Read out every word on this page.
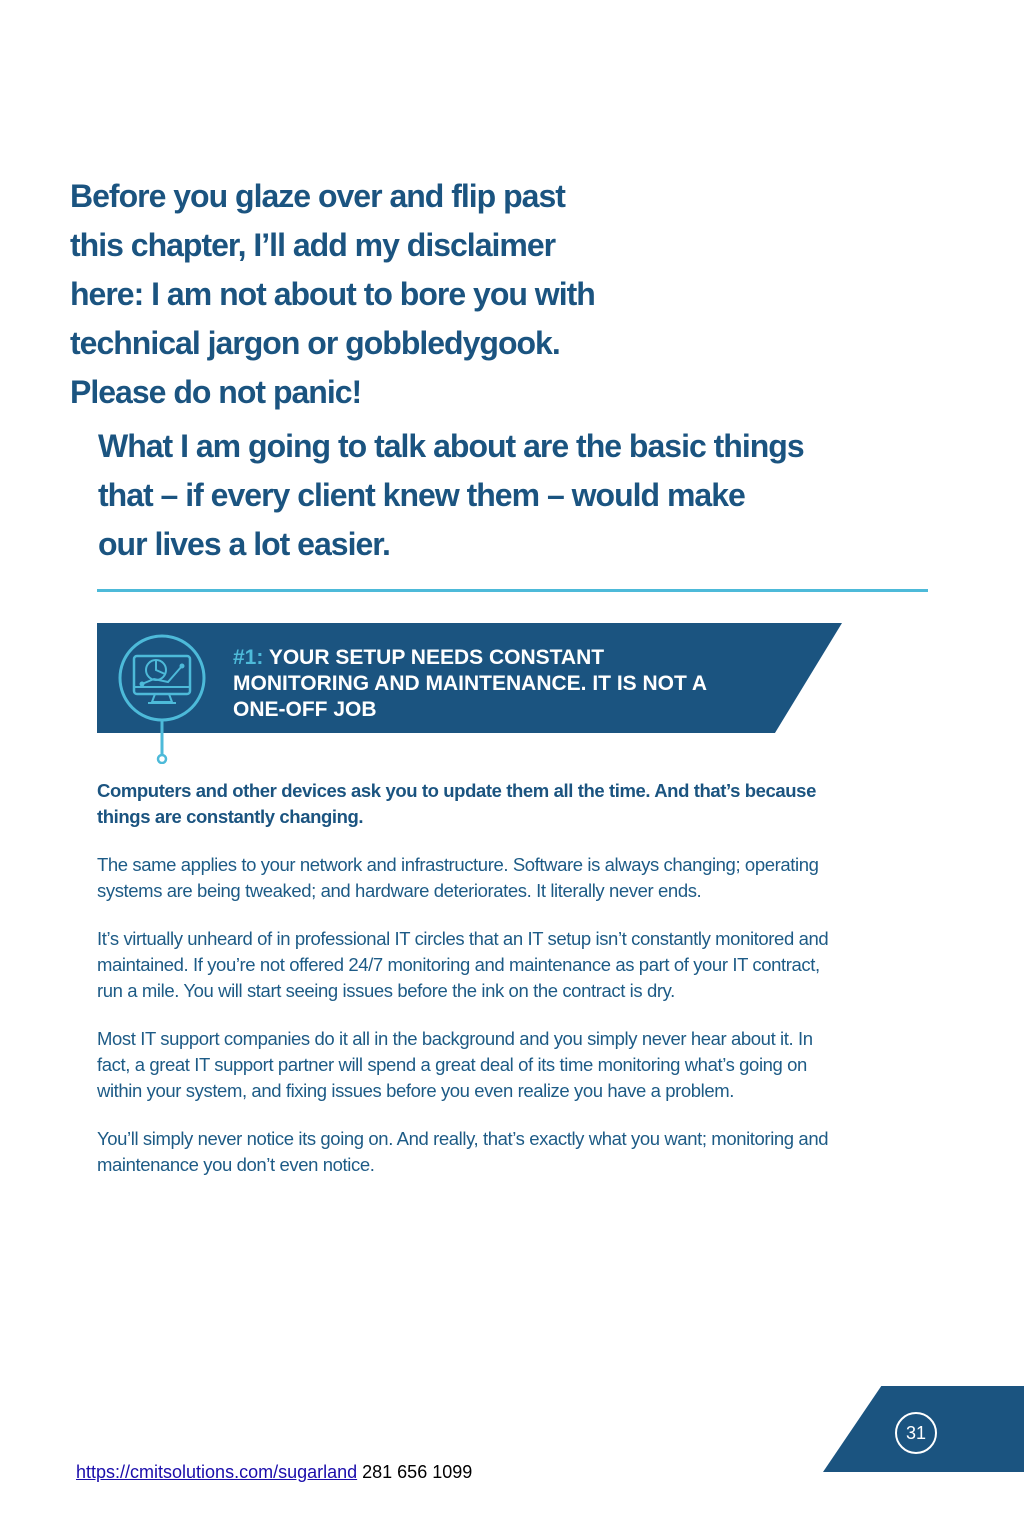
Before you glaze over and flip past
this chapter, I’ll add my disclaimer
here: I am not about to bore you with
technical jargon or gobbledygook.
Please do not panic!
What I am going to talk about are the basic things
that – if every client knew them – would make
our lives a lot easier.
#1: YOUR SETUP NEEDS CONSTANT
MONITORING AND MAINTENANCE. IT IS NOT A
ONE-OFF JOB

Computers and other devices ask you to update them all the time. And that’s because
things are constantly changing.

The same applies to your network and infrastructure. Software is always changing; operating
systems are being tweaked; and hardware deteriorates. It literally never ends.

It’s virtually unheard of in professional IT circles that an IT setup isn’t constantly monitored and
maintained. If you’re not offered 24/7 monitoring and maintenance as part of your IT contract,
run a mile. You will start seeing issues before the ink on the contract is dry.

Most IT support companies do it all in the background and you simply never hear about it. In
fact, a great IT support partner will spend a great deal of its time monitoring what’s going on
within your system, and fixing issues before you even realize you have a problem.

You’ll simply never notice its going on. And really, that’s exactly what you want; monitoring and
maintenance you don’t even notice.

31
https://cmitsolutions.com/sugarland 281 656 1099
